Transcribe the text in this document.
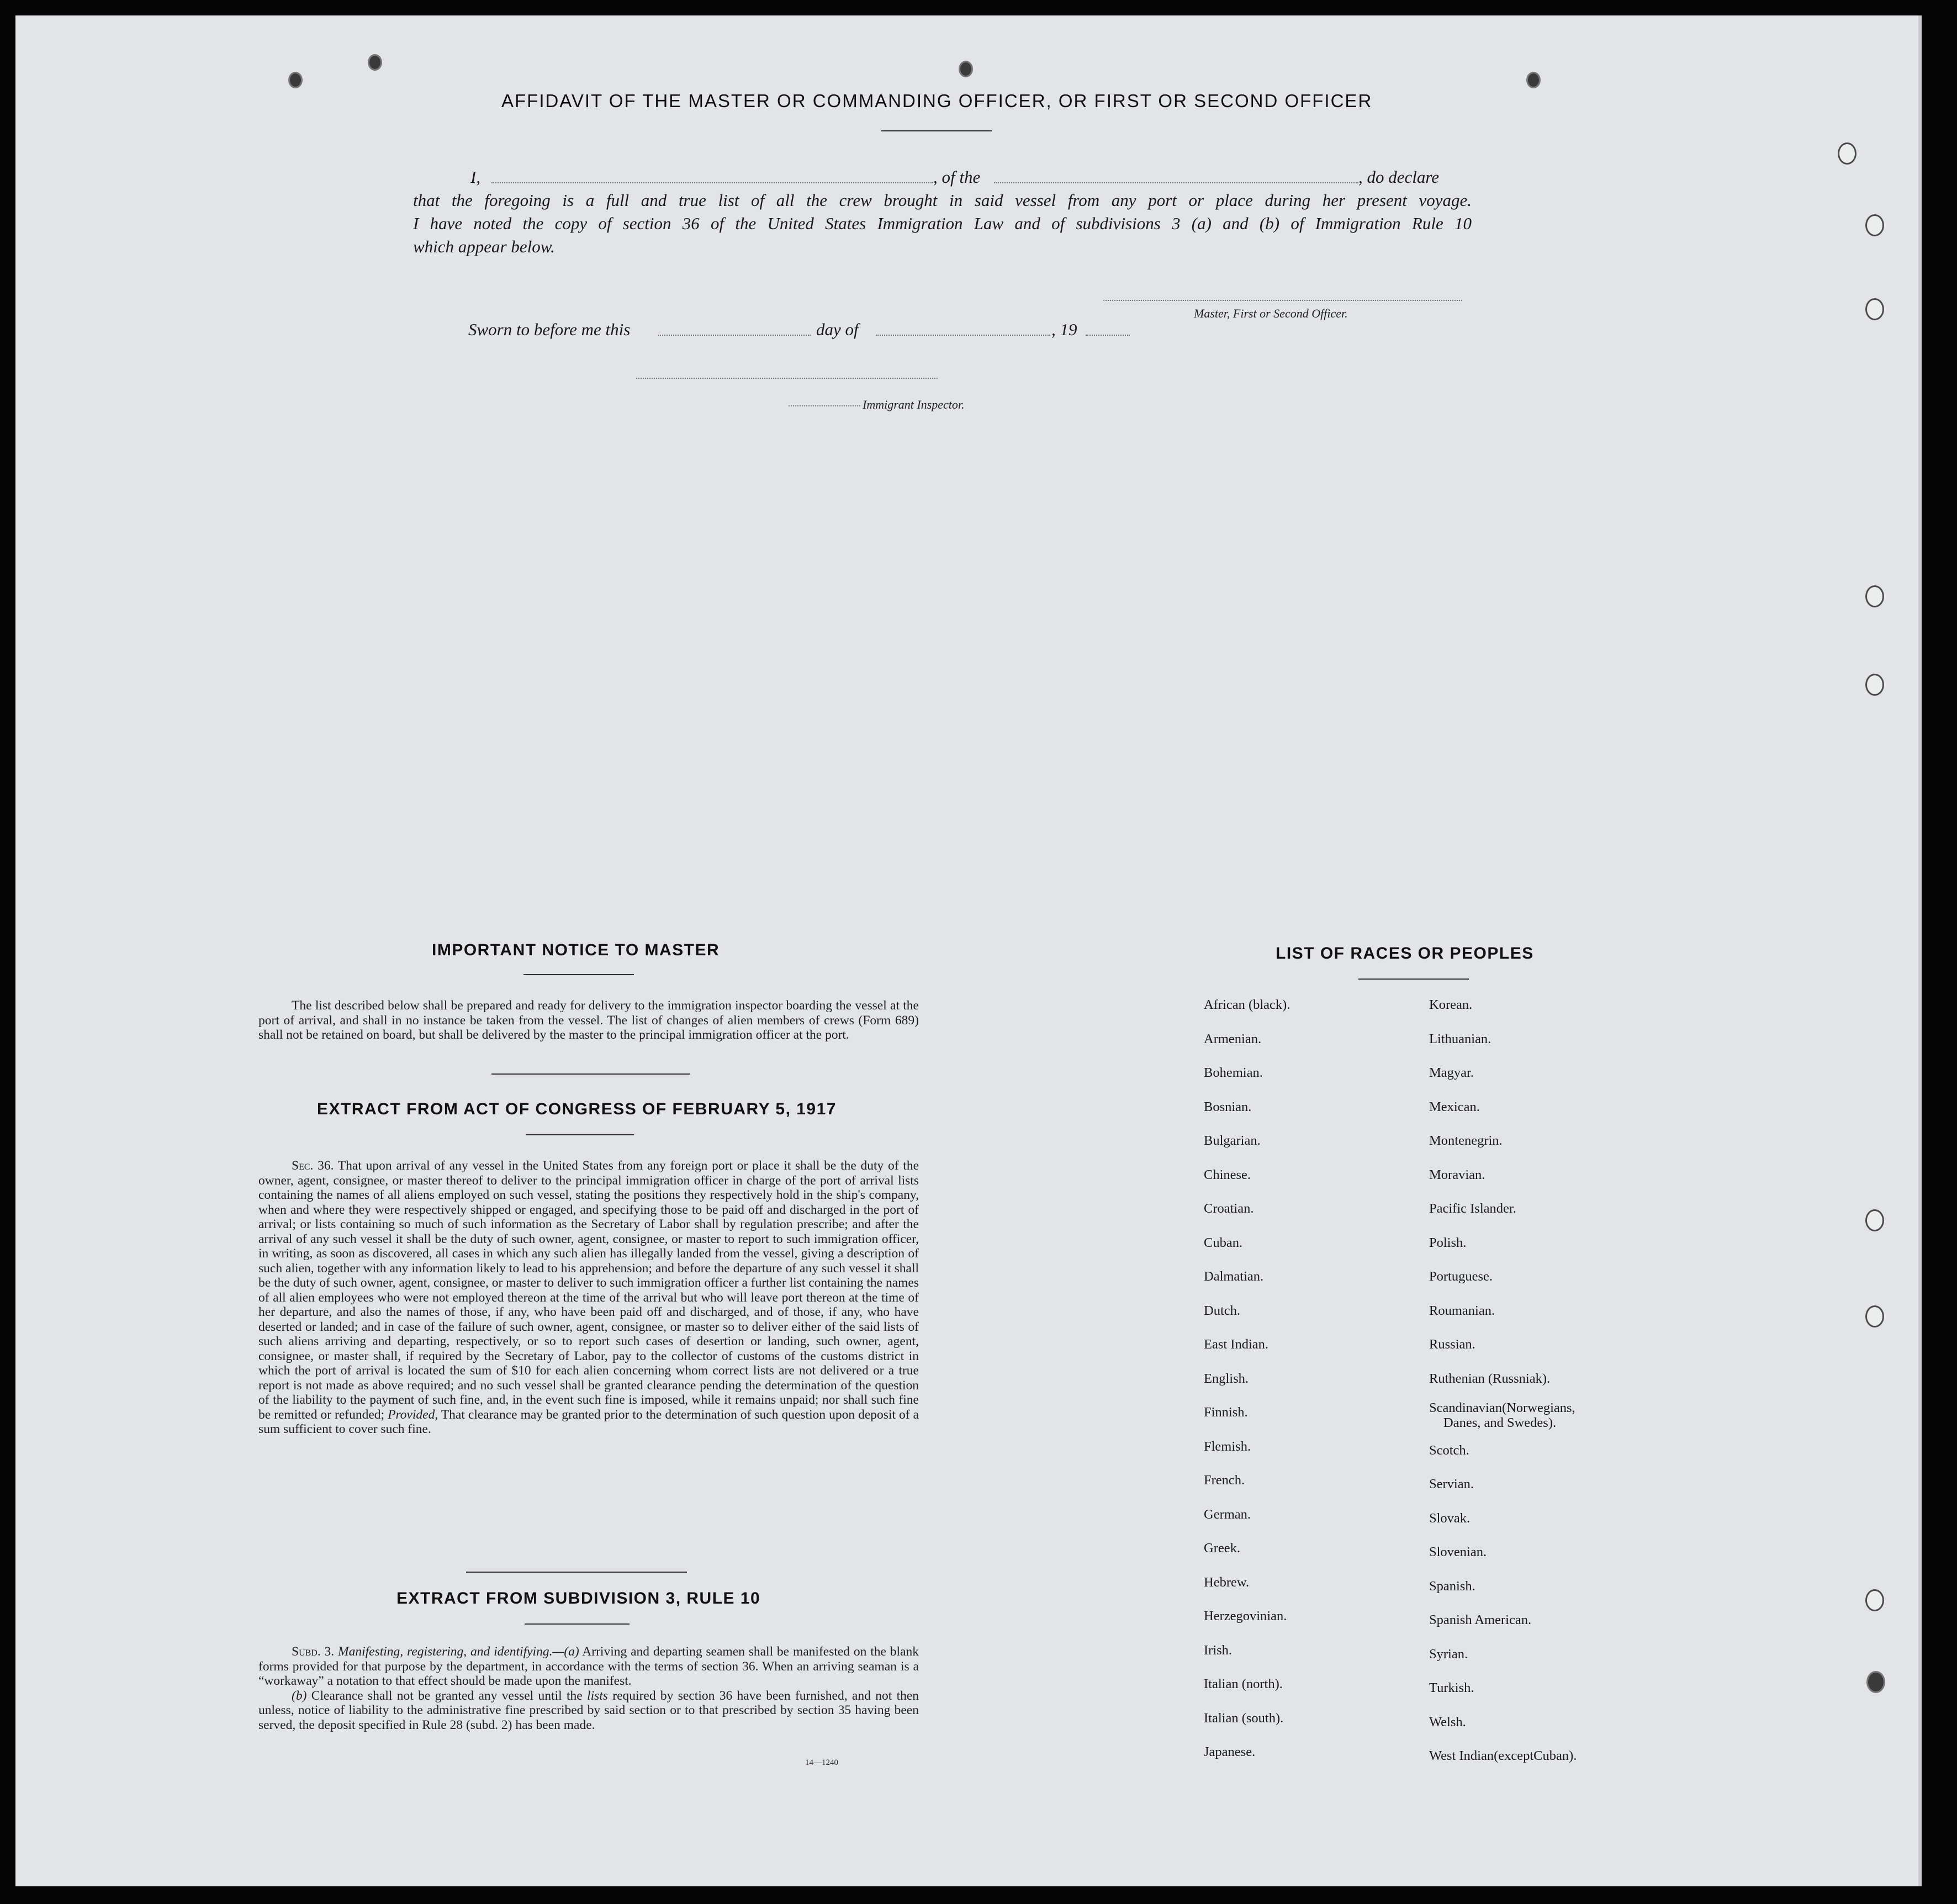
AFFIDAVIT OF THE MASTER OR COMMANDING OFFICER, OR FIRST OR SECOND OFFICER
I,	, of the	, do declare
that the foregoing is a full and true list of all the crew brought in said vessel from any port or place during her present voyage.
I have noted the copy of section 36 of the United States Immigration Law and of subdivisions 3 (a) and (b) of Immigration Rule 10
which appear below.
Master, First or Second Officer.
Sworn to before me this	day of	, 19
Immigrant Inspector.
IMPORTANT NOTICE TO MASTER

The list described below shall be prepared and ready for delivery to the immigration inspector boarding the vessel at the port of arrival, and shall in no instance be taken from the vessel. The list of changes of alien members of crews (Form 689) shall not be retained on board, but shall be delivered by the master to the principal immigration officer at the port.

EXTRACT FROM ACT OF CONGRESS OF FEBRUARY 5, 1917

Sec. 36. That upon arrival of any vessel in the United States from any foreign port or place it shall be the duty of the owner, agent, consignee, or master thereof to deliver to the principal immigration officer in charge of the port of arrival lists containing the names of all aliens employed on such vessel, stating the positions they respectively hold in the ship's company, when and where they were respectively shipped or engaged, and specifying those to be paid off and discharged in the port of arrival; or lists containing so much of such information as the Secretary of Labor shall by regulation prescribe; and after the arrival of any such vessel it shall be the duty of such owner, agent, consignee, or master to report to such immigration officer, in writing, as soon as discovered, all cases in which any such alien has illegally landed from the vessel, giving a description of such alien, together with any information likely to lead to his apprehension; and before the departure of any such vessel it shall be the duty of such owner, agent, consignee, or master to deliver to such immigration officer a further list containing the names of all alien employees who were not employed thereon at the time of the arrival but who will leave port thereon at the time of her departure, and also the names of those, if any, who have been paid off and discharged, and of those, if any, who have deserted or landed; and in case of the failure of such owner, agent, consignee, or master so to deliver either of the said lists of such aliens arriving and departing, respectively, or so to report such cases of desertion or landing, such owner, agent, consignee, or master shall, if required by the Secretary of Labor, pay to the collector of customs of the customs district in which the port of arrival is located the sum of $10 for each alien concerning whom correct lists are not delivered or a true report is not made as above required; and no such vessel shall be granted clearance pending the determination of the question of the liability to the payment of such fine, and, in the event such fine is imposed, while it remains unpaid; nor shall such fine be remitted or refunded; Provided, That clearance may be granted prior to the determination of such question upon deposit of a sum sufficient to cover such fine.

EXTRACT FROM SUBDIVISION 3, RULE 10

Subd. 3. Manifesting, registering, and identifying.—(a) Arriving and departing seamen shall be manifested on the blank forms provided for that purpose by the department, in accordance with the terms of section 36. When an arriving seaman is a “workaway” a notation to that effect should be made upon the manifest.

(b) Clearance shall not be granted any vessel until the lists required by section 36 have been furnished, and not then unless, notice of liability to the administrative fine prescribed by said section or to that prescribed by section 35 having been served, the deposit specified in Rule 28 (subd. 2) has been made.

14—1240
LIST OF RACES OR PEOPLES
African (black).
Armenian.
Bohemian.
Bosnian.
Bulgarian.
Chinese.
Croatian.
Cuban.
Dalmatian.
Dutch.
East Indian.
English.
Finnish.
Flemish.
French.
German.
Greek.
Hebrew.
Herzegovinian.
Irish.
Italian (north).
Italian (south).
Japanese.
Korean.
Lithuanian.
Magyar.
Mexican.
Montenegrin.
Moravian.
Pacific Islander.
Polish.
Portuguese.
Roumanian.
Russian.
Ruthenian (Russniak).
Scandinavian(Norwegians,
Danes, and Swedes).
Scotch.
Servian.
Slovak.
Slovenian.
Spanish.
Spanish American.
Syrian.
Turkish.
Welsh.
West Indian(exceptCuban).
